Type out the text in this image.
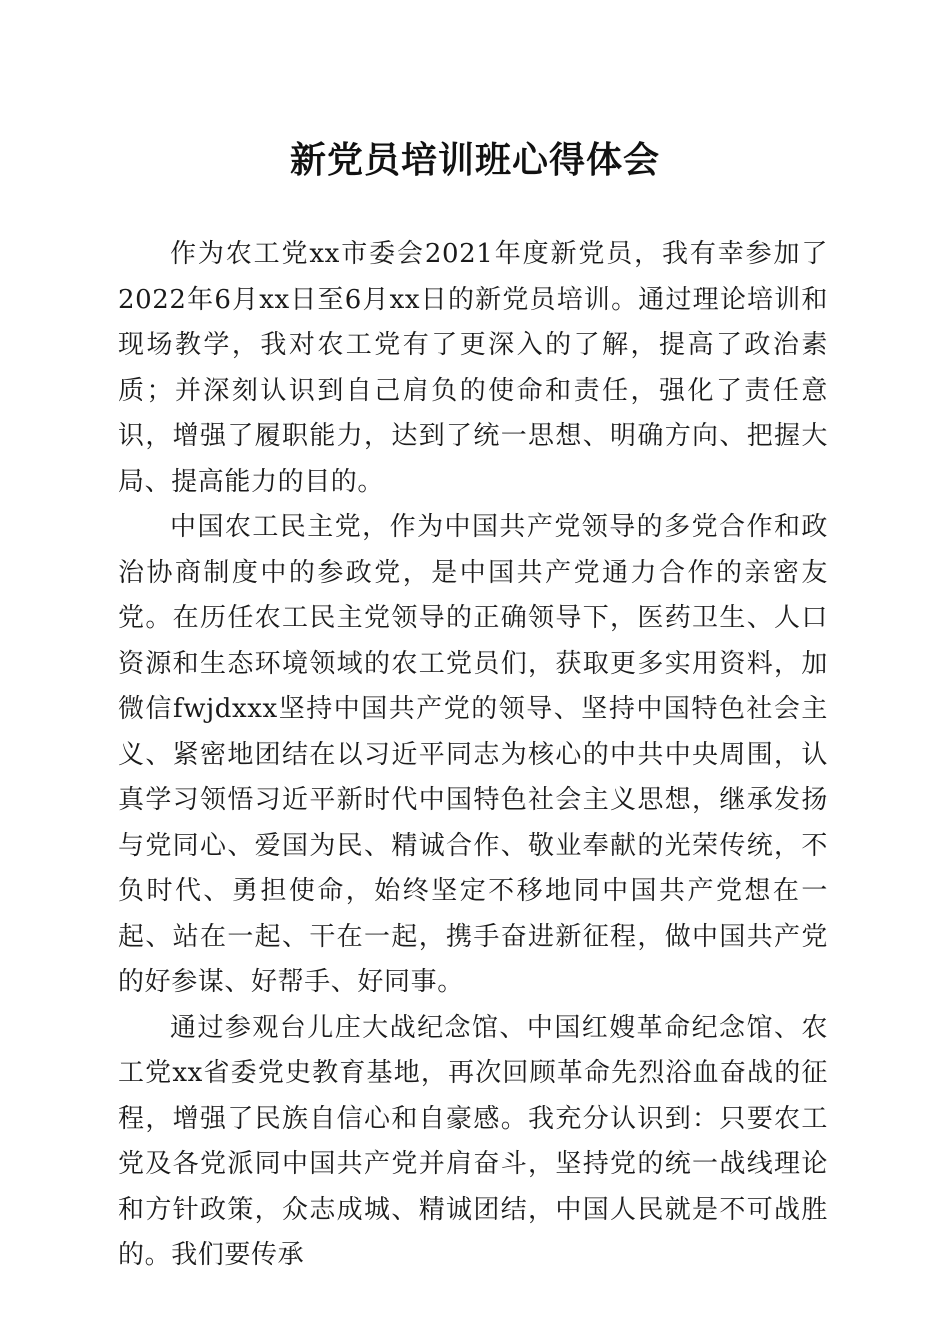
新党员培训班心得体会

作为农工党xx市委会2021年度新党员，我有幸参加了2022年6月xx日至6月xx日的新党员培训。通过理论培训和现场教学，我对农工党有了更深入的了解，提高了政治素质；并深刻认识到自己肩负的使命和责任，强化了责任意识，增强了履职能力，达到了统一思想、明确方向、把握大局、提高能力的目的。

中国农工民主党，作为中国共产党领导的多党合作和政治协商制度中的参政党，是中国共产党通力合作的亲密友党。在历任农工民主党领导的正确领导下，医药卫生、人口资源和生态环境领域的农工党员们，获取更多实用资料，加微信fwjdxxx坚持中国共产党的领导、坚持中国特色社会主义、紧密地团结在以习近平同志为核心的中共中央周围，认真学习领悟习近平新时代中国特色社会主义思想，继承发扬与党同心、爱国为民、精诚合作、敬业奉献的光荣传统，不负时代、勇担使命，始终坚定不移地同中国共产党想在一起、站在一起、干在一起，携手奋进新征程，做中国共产党的好参谋、好帮手、好同事。

通过参观台儿庄大战纪念馆、中国红嫂革命纪念馆、农工党xx省委党史教育基地，再次回顾革命先烈浴血奋战的征程，增强了民族自信心和自豪感。我充分认识到：只要农工党及各党派同中国共产党并肩奋斗，坚持党的统一战线理论和方针政策，众志成城、精诚团结，中国人民就是不可战胜的。我们要传承
